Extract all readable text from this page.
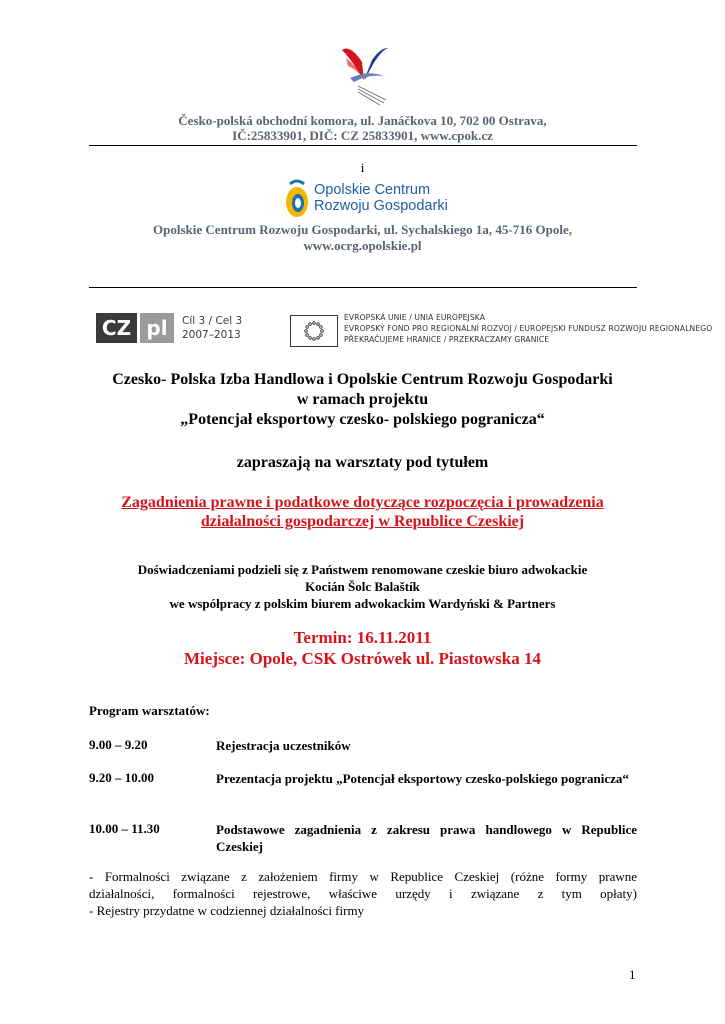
Česko-polská obchodní komora, ul. Janáčkova 10, 702 00 Ostrava,
IČ:25833901, DIČ: CZ 25833901, www.cpok.cz
i
Opolskie Centrum
Rozwoju Gospodarki
Opolskie Centrum Rozwoju Gospodarki, ul. Sychalskiego 1a, 45-716 Opole,
www.ocrg.opolskie.pl
CZ pl	Cíl 3 / Cel 3
2007–2013
EVROPSKÁ UNIE / UNIA EUROPEJSKA
EVROPSKÝ FOND PRO REGIONÁLNÍ ROZVOJ / EUROPEJSKI FUNDUSZ ROZWOJU REGIONALNEGO
PŘEKRAČUJEME HRANICE / PRZEKRACZAMY GRANICE
Czesko- Polska Izba Handlowa i Opolskie Centrum Rozwoju Gospodarki
w ramach projektu
„Potencjał eksportowy czesko- polskiego pogranicza“
zapraszają na warsztaty pod tytułem
Zagadnienia prawne i podatkowe dotyczące rozpoczęcia i prowadzenia
działalności gospodarczej w Republice Czeskiej
Doświadczeniami podzieli się z Państwem renomowane czeskie biuro adwokackie
Kocián Šolc Balaštík
we współpracy z polskim biurem adwokackim Wardyński & Partners
Termin: 16.11.2011
Miejsce: Opole, CSK Ostrówek ul. Piastowska 14
Program warsztatów:
9.00 – 9.20	Rejestracja uczestników
9.20 – 10.00	Prezentacja projektu „Potencjał eksportowy czesko-polskiego pogranicza“
10.00 – 11.30	Podstawowe zagadnienia z zakresu prawa handlowego w Republice Czeskiej
- Formalności związane z założeniem firmy w Republice Czeskiej (różne formy prawne
działalności, formalności rejestrowe, właściwe urzędy i związane z tym opłaty)
- Rejestry przydatne w codziennej działalności firmy
1
